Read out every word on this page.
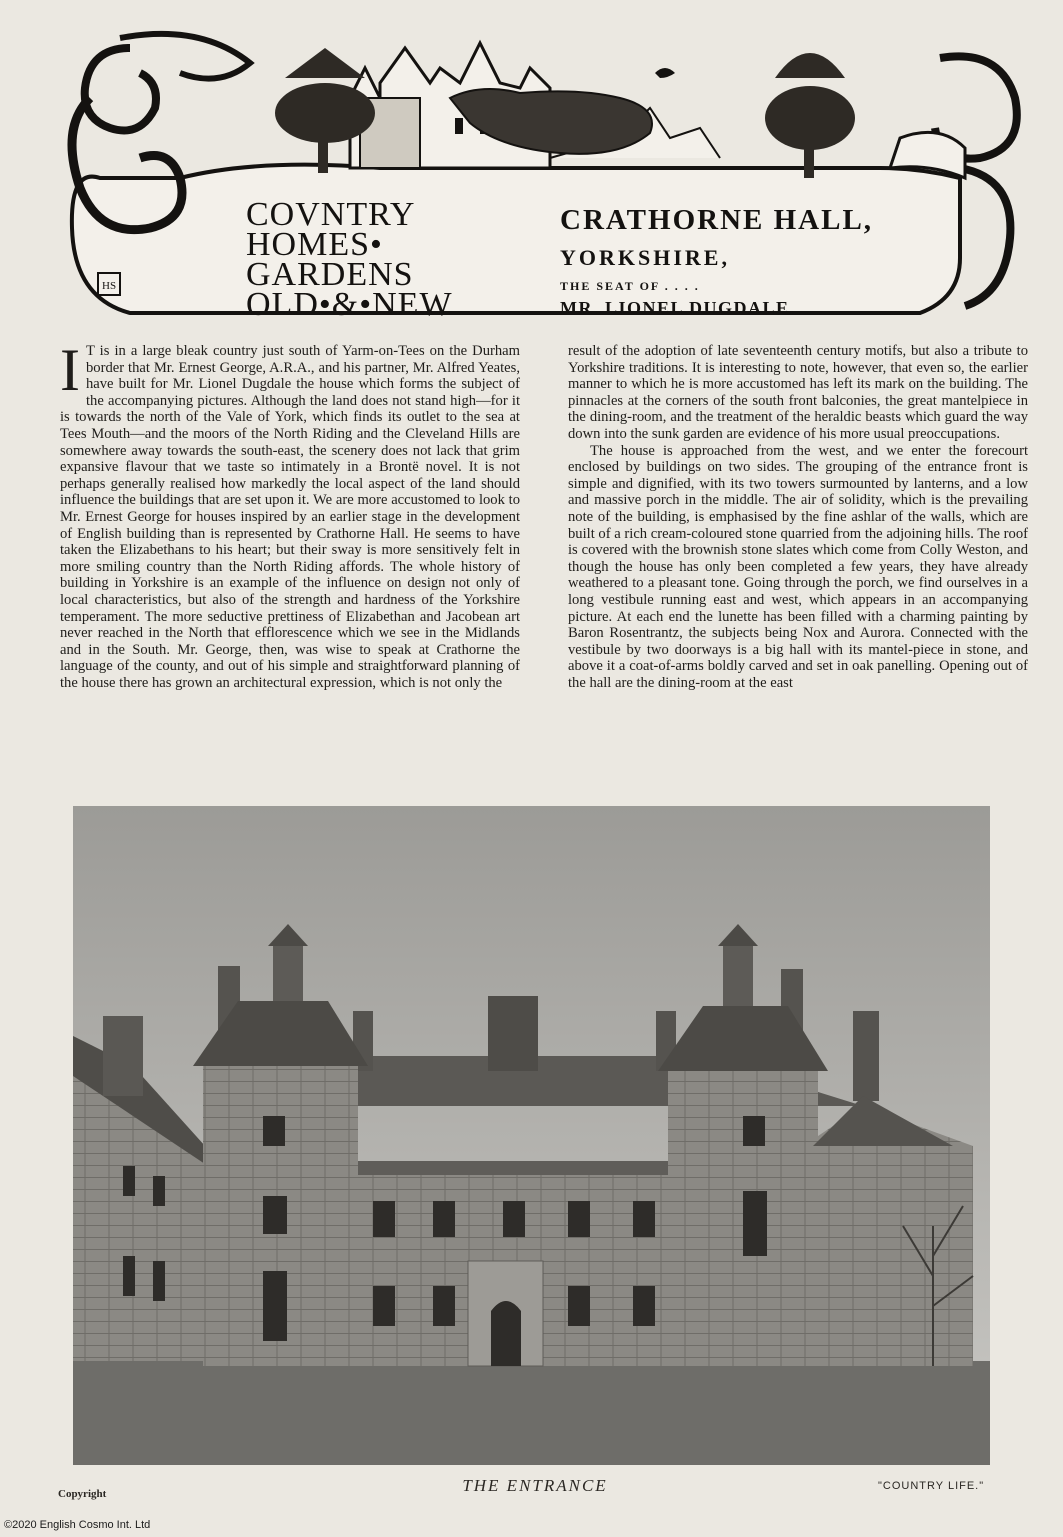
HS
COVNTRY
HOMES•
GARDENS
OLD•&•NEW
CRATHORNE HALL,
YORKSHIRE,
THE SEAT OF . . . .
MR. LIONEL DUGDALE.

I T is in a large bleak country just south of Yarm-on-Tees on the Durham border that Mr. Ernest George, A.R.A., and his partner, Mr. Alfred Yeates, have built for Mr. Lionel Dugdale the house which forms the subject of the accompanying pictures. Although the land does not stand high—for it is towards the north of the Vale of York, which finds its outlet to the sea at Tees Mouth—and the moors of the North Riding and the Cleveland Hills are somewhere away towards the south-east, the scenery does not lack that grim expansive flavour that we taste so intimately in a Brontë novel. It is not perhaps generally realised how markedly the local aspect of the land should influence the buildings that are set upon it. We are more accustomed to look to Mr. Ernest George for houses inspired by an earlier stage in the development of English building than is represented by Crathorne Hall. He seems to have taken the Elizabethans to his heart; but their sway is more sensitively felt in more smiling country than the North Riding affords. The whole history of building in Yorkshire is an example of the influence on design not only of local characteristics, but also of the strength and hardness of the Yorkshire temperament. The more seductive prettiness of Elizabethan and Jacobean art never reached in the North that efflorescence which we see in the Midlands and in the South. Mr. George, then, was wise to speak at Crathorne the language of the county, and out of his simple and straightforward planning of the house there has grown an architectural expression, which is not only the

result of the adoption of late seventeenth century motifs, but also a tribute to Yorkshire traditions. It is interesting to note, however, that even so, the earlier manner to which he is more accustomed has left its mark on the building. The pinnacles at the corners of the south front balconies, the great mantelpiece in the dining-room, and the treatment of the heraldic beasts which guard the way down into the sunk garden are evidence of his more usual preoccupations.

The house is approached from the west, and we enter the forecourt enclosed by buildings on two sides. The grouping of the entrance front is simple and dignified, with its two towers surmounted by lanterns, and a low and massive porch in the middle. The air of solidity, which is the prevailing note of the building, is emphasised by the fine ashlar of the walls, which are built of a rich cream-coloured stone quarried from the adjoining hills. The roof is covered with the brownish stone slates which come from Colly Weston, and though the house has only been completed a few years, they have already weathered to a pleasant tone. Going through the porch, we find ourselves in a long vestibule running east and west, which appears in an accompanying picture. At each end the lunette has been filled with a charming painting by Baron Rosentrantz, the subjects being Nox and Aurora. Connected with the vestibule by two doorways is a big hall with its mantel-piece in stone, and above it a coat-of-arms boldly carved and set in oak panelling. Opening out of the hall are the dining-room at the east

Copyright	THE ENTRANCE	"COUNTRY LIFE."
©2020 English Cosmo Int. Ltd
